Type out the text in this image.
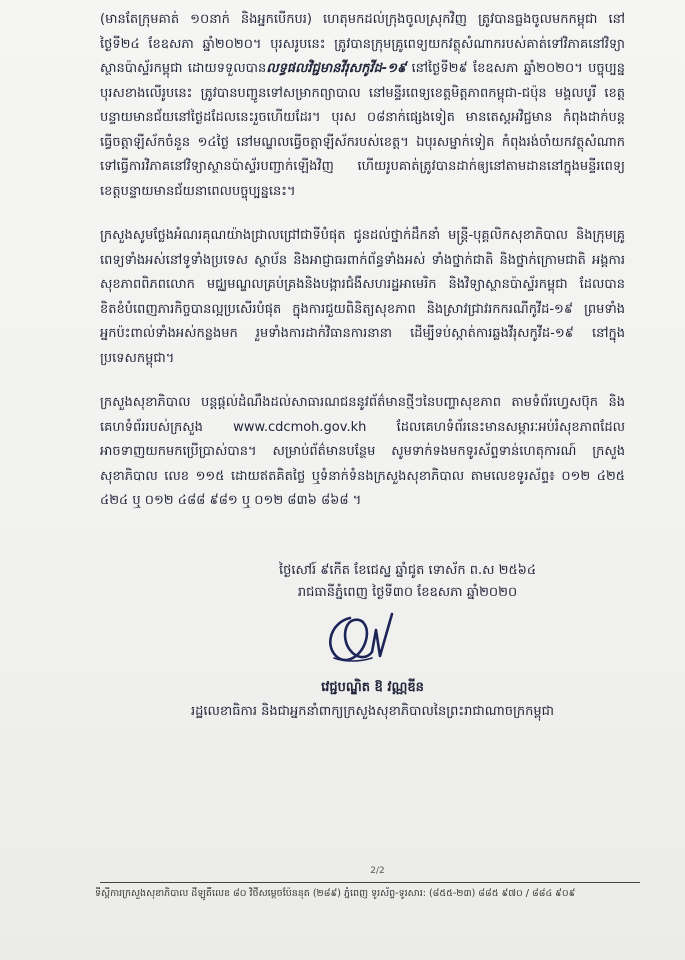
(មានតែក្រុមគាត់ ១០នាក់ និងអ្នកបើកបរ) ហេតុមកដល់ក្រុងចូលស្រុកវិញ ត្រូវបានធ្លងចូលមកកម្ពុជា នៅថ្ងៃទី២៤ ខែឧសភា ឆ្នាំ២០២០។ បុរសរូបនេះ ត្រូវបានក្រុមគ្រូពេទ្យយកវត្ថុសំណាករបស់គាត់ទៅវិភាគនៅវិទ្យាស្ថានប៉ាស្ទ័រកម្ពុជា ដោយទទួលបានលទ្ធផលវិជ្ជមានវីរុសកូវីដ-១៩ នៅថ្ងៃទី២៩ ខែឧសភា ឆ្នាំ២០២០។ បច្ចុប្បន្ន បុរសខាងលើរូបនេះ ត្រូវបានបញ្ជូនទៅសម្រាកព្យាបាល នៅមន្ទីរពេទ្យខេត្តមិត្តភាពកម្ពុជា-ជប៉ុន មង្គលបូរី ខេត្តបន្ទាយមានជ័យនៅថ្ងៃដដែលនេះរួចហើយដែរ។ បុរស ០៨នាក់ផ្សេងទៀត មានតេស្តអវិជ្ជមាន កំពុងដាក់បន្តធ្វើចត្តាឡីស័កចំនួន ១៤ថ្ងៃ នៅមណ្ឌលធ្វើចត្តាឡីស័ករបស់ខេត្ត។ ឯបុរសម្នាក់ទៀត កំពុងរង់ចាំយកវត្ថុសំណាកទៅធ្វើការវិភាគនៅវិទ្យាស្ថានប៉ាស្ទ័របញ្ជាក់ឡើងវិញ ហើយរូបគាត់ត្រូវបានដាក់ឲ្យនៅតាមដាននៅក្នុងមន្ទីរពេទ្យខេត្តបន្ទាយមានជ័យនាពេលបច្ចុប្បន្ននេះ។

ក្រសួងសូមថ្លែងអំណរគុណយ៉ាងជ្រាលជ្រៅជាទីបំផុត ជូនដល់ថ្នាក់ដឹកនាំ មន្ត្រី-បុគ្គលិកសុខាភិបាល និងក្រុមគ្រូពេទ្យទាំងអស់នៅទូទាំងប្រទេស ស្ថាប័ន និងអាជ្ញាធរពាក់ព័ន្ធទាំងអស់ ទាំងថ្នាក់ជាតិ និងថ្នាក់ក្រោមជាតិ អង្គការសុខភាពពិភពលោក មជ្ឈមណ្ឌលគ្រប់គ្រងនិងបង្ការជំងឺសហរដ្ឋអាមេរិក និងវិទ្យាស្ថានប៉ាស្ទ័រកម្ពុជា ដែលបានខិតខំបំពេញភារកិច្ចបានល្អប្រសើរបំផុត ក្នុងការជួយពិនិត្យសុខភាព និងស្រាវជ្រាវរកករណីកូវីដ-១៩ ព្រមទាំងអ្នកប៉ះពាល់ទាំងអស់កន្លងមក រួមទាំងការដាក់វិធានការនានា ដើម្បីទប់ស្កាត់ការឆ្លងវីរុសកូវីដ-១៩ នៅក្នុងប្រទេសកម្ពុជា។

ក្រសួងសុខាភិបាល បន្តផ្ដល់ដំណឹងដល់សាធារណជននូវព័ត៌មានថ្មីៗនៃបញ្ហាសុខភាព តាមទំព័រហ្វេសប៊ុក និងគេហទំព័ររបស់ក្រសួង www.cdcmoh.gov.kh ដែលគេហទំព័រនេះមានសម្ភារៈអប់រំសុខភាពដែលអាចទាញយកមកប្រើប្រាស់បាន។ សម្រាប់ព័ត៌មានបន្ថែម សូមទាក់ទងមកទូរស័ព្ទទាន់ហេតុការណ៍ ក្រសួងសុខាភិបាល លេខ ១១៥ ដោយឥតគិតថ្លៃ ឬទំនាក់ទំនងក្រសួងសុខាភិបាល តាមលេខទូរស័ព្ទ៖ ០១២ ៤២៥ ៤២៤ ឬ ០១២ ៤៨៨ ៩៨១ ឬ ០១២ ៨៣៦ ៨៦៨ ។

ថ្ងៃសៅរ៍ ៩កើត ខែជេស្ឋ ឆ្នាំជូត ទោស័ក ព.ស ២៥៦៤
រាជធានីភ្នំពេញ ថ្ងៃទី៣០ ខែឧសភា ឆ្នាំ២០២០
វេជ្ជបណ្ឌិត ឱ វណ្ណឌីន
រដ្ឋលេខាធិការ និងជាអ្នកនាំពាក្យក្រសួងសុខាភិបាលនៃព្រះរាជាណាចក្រកម្ពុជា
2/2
ទីស្ដីការក្រសួងសុខាភិបាល ដីឡូតិ៍លេខ ៨០ វិថីសម្ដេចប៉ែននុត (២៨៩) ភ្នំពេញ ទូរស័ព្ទ-ទូរសារ: (៨៥៥-២៣) ៨៨៥ ៩៧០ / ៨៨៤ ៩០៩
